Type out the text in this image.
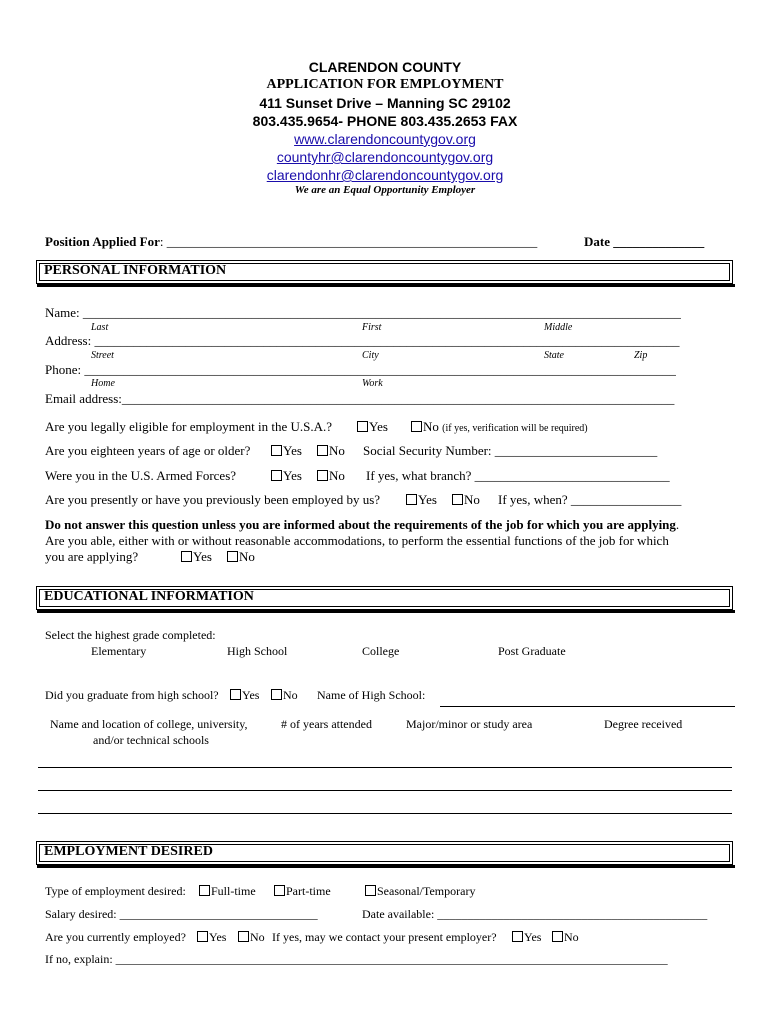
CLARENDON COUNTY
APPLICATION FOR EMPLOYMENT
411 Sunset Drive – Manning SC 29102
803.435.9654- PHONE 803.435.2653 FAX
www.clarendoncountygov.org
countyhr@clarendoncountygov.org
clarendonhr@clarendoncountygov.org
We are an Equal Opportunity Employer
Position Applied For: _________________________________________________________	Date ______________
PERSONAL INFORMATION
Name: ____________________________________________________________________________________________
Last	First	Middle
Address: __________________________________________________________________________________________
Street	City	State	Zip
Phone: ___________________________________________________________________________________________
Home	Work
Email address:_____________________________________________________________________________________
Are you legally eligible for employment in the U.S.A.?	Yes	No (if yes, verification will be required)
Are you eighteen years of age or older?	Yes	No Social Security Number: _________________________
Were you in the U.S. Armed Forces?	Yes	No If yes, what branch? ______________________________
Are you presently or have you previously been employed by us?	Yes	No If yes, when? _________________
Do not answer this question unless you are informed about the requirements of the job for which you are applying.
Are you able, either with or without reasonable accommodations, to perform the essential functions of the job for which
you are applying?	Yes	No
EDUCATIONAL INFORMATION
Select the highest grade completed:
Elementary	High School	College	Post Graduate
Did you graduate from high school?	Yes	No Name of High School:
Name and location of college, university,
and/or technical schools
# of years attended	Major/minor or study area	Degree received
EMPLOYMENT DESIRED
Type of employment desired:	Full-time	Part-time	Seasonal/Temporary
Salary desired: _________________________________	Date available: _____________________________________________
Are you currently employed?	Yes	No If yes, may we contact your present employer?	Yes	No
If no, explain: ____________________________________________________________________________________________
